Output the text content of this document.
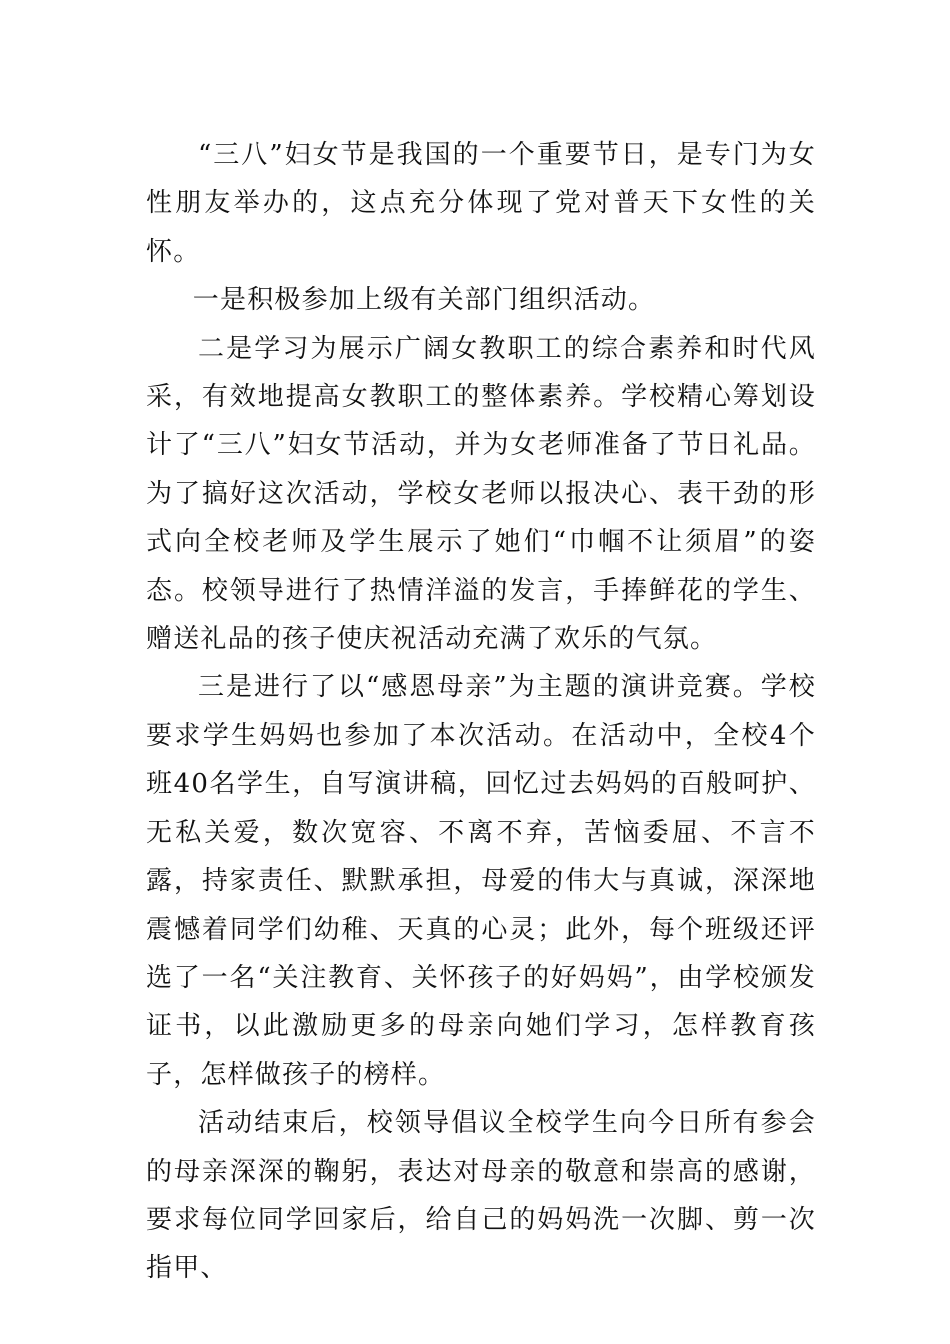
“三八”妇女节是我国的一个重要节日，是专门为女性朋友举办的，这点充分体现了党对普天下女性的关怀。

一是积极参加上级有关部门组织活动。

二是学习为展示广阔女教职工的综合素养和时代风采，有效地提高女教职工的整体素养。学校精心筹划设计了“三八”妇女节活动，并为女老师准备了节日礼品。为了搞好这次活动，学校女老师以报决心、表干劲的形式向全校老师及学生展示了她们“巾帼不让须眉”的姿态。校领导进行了热情洋溢的发言，手捧鲜花的学生、赠送礼品的孩子使庆祝活动充满了欢乐的气氛。

三是进行了以“感恩母亲”为主题的演讲竞赛。学校要求学生妈妈也参加了本次活动。在活动中，全校4个班40名学生，自写演讲稿，回忆过去妈妈的百般呵护、无私关爱，数次宽容、不离不弃，苦恼委屈、不言不露，持家责任、默默承担，母爱的伟大与真诚，深深地震憾着同学们幼稚、天真的心灵；此外，每个班级还评选了一名“关注教育、关怀孩子的好妈妈”，由学校颁发证书，以此激励更多的母亲向她们学习，怎样教育孩子，怎样做孩子的榜样。

活动结束后，校领导倡议全校学生向今日所有参会的母亲深深的鞠躬，表达对母亲的敬意和崇高的感谢，要求每位同学回家后，给自己的妈妈洗一次脚、剪一次指甲、
